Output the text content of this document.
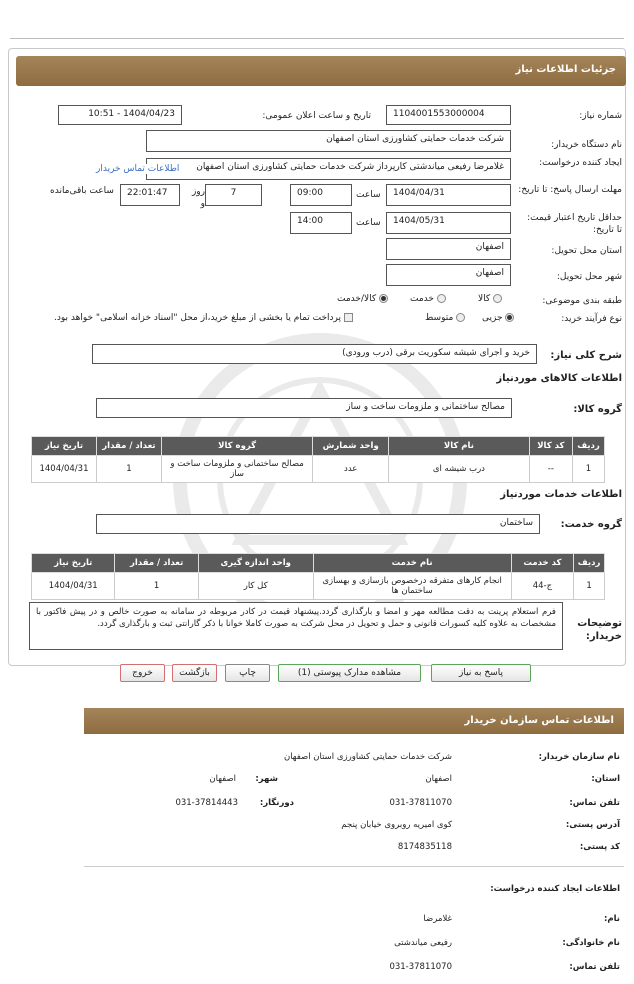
جزئیات اطلاعات نیاز
شماره نیاز:
1104001553000004
تاریخ و ساعت اعلان عمومی:
1404/04/23 - 10:51
نام دستگاه خریدار:
شرکت خدمات حمایتی کشاورزی استان اصفهان
ایجاد کننده درخواست:
غلامرضا رفیعی میاندشتی کارپرداز شرکت خدمات حمایتی کشاورزی استان اصفهان
اطلاعات تماس خریدار
مهلت ارسال پاسخ: تا تاریخ:
1404/04/31
ساعت
09:00
7
روز و
22:01:47
ساعت باقی‌مانده
حداقل تاریخ اعتبار قیمت: تا تاریخ:
1404/05/31
ساعت
14:00
استان محل تحویل:
اصفهان
شهر محل تحویل:
اصفهان
طبقه بندی موضوعی:
کالا
خدمت
کالا/خدمت
نوع فرآیند خرید:
جزیی
متوسط
پرداخت تمام یا بخشی از مبلغ خرید،از محل "اسناد خزانه اسلامی" خواهد بود.
شرح کلی نیاز:
خرید و اجرای شیشه سکوریت برقی (درب ورودی)
اطلاعات کالاهای موردنیاز
گروه کالا:
مصالح ساختمانی و ملزومات ساخت و ساز
ردیف	کد کالا	نام کالا	واحد شمارش	گروه کالا	تعداد / مقدار	تاریخ نیاز
1	--	درب شیشه ای	عدد	مصالح ساختمانی و ملزومات ساخت و ساز	1	1404/04/31
اطلاعات خدمات موردنیاز
گروه خدمت:
ساختمان
ردیف	کد خدمت	نام خدمت	واحد اندازه گیری	تعداد / مقدار	تاریخ نیاز
1	ج-44	انجام کارهای متفرقه درخصوص بازسازی و بهسازی ساختمان ها	کل کار	1	1404/04/31
توضیحات خریدار:
فرم استعلام پرینت به دقت مطالعه مهر و امضا و بارگذاری گردد.پیشنهاد قیمت در کادر مربوطه در سامانه به صورت خالص و در پیش فاکتور با مشخصات به علاوه کلیه کسورات قانونی و حمل و تحویل در محل شرکت به صورت کاملا خوانا با ذکر گارانتی ثبت و بارگذاری گردد.
پاسخ به نیاز
مشاهده مدارک پیوستی (1)
چاپ
بازگشت
خروج
اطلاعات تماس سازمان خریدار
نام سازمان خریدار:
شرکت خدمات حمایتی کشاورزی استان اصفهان
استان:
اصفهان
شهر:
اصفهان
تلفن تماس:
031-37811070
دورنگار:
031-37814443
آدرس پستی:
کوی امیریه روبروی خیابان پنجم
کد پستی:
8174835118
اطلاعات ایجاد کننده درخواست:
نام:
غلامرضا
نام خانوادگی:
رفیعی میاندشتی
تلفن تماس:
031-37811070
